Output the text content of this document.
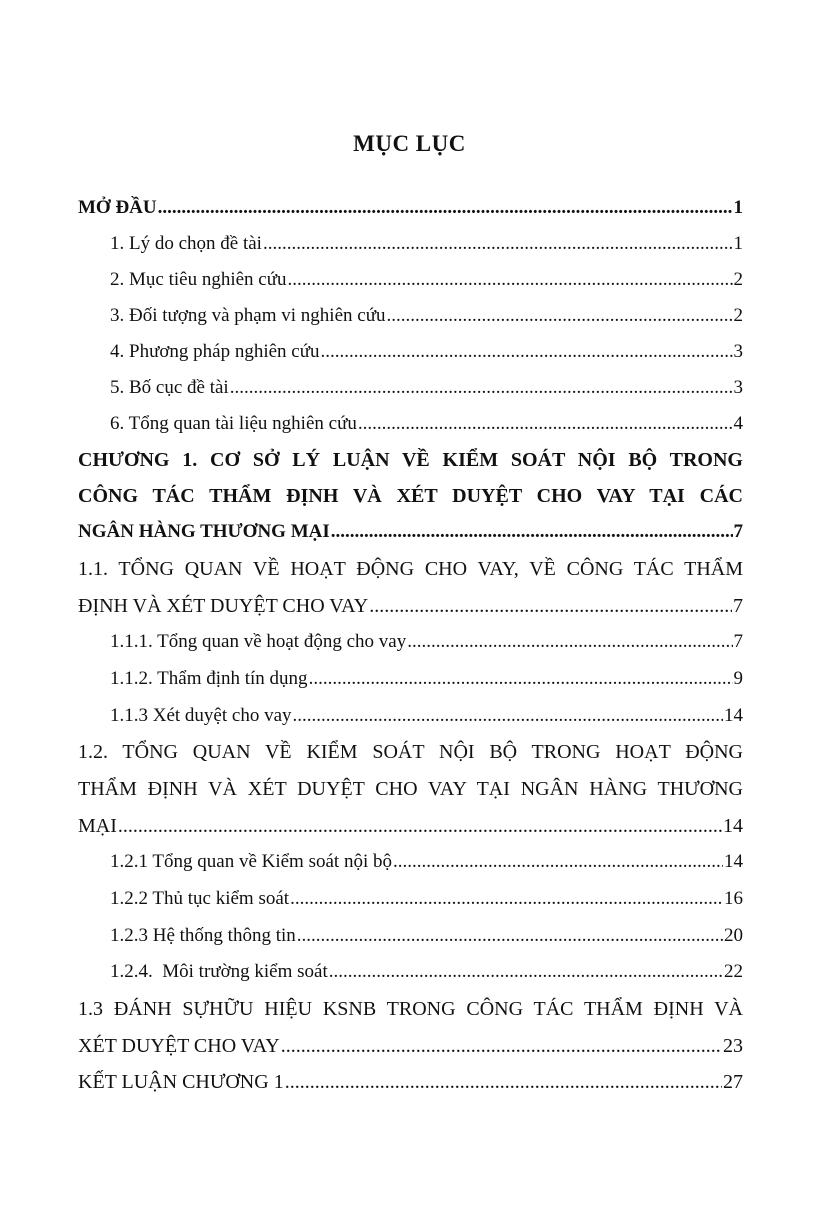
MỤC LỤC
MỞ ĐẦU .....	1
1. Lý do chọn đề tài .....	1
2. Mục tiêu nghiên cứu .....	2
3. Đối tượng và phạm vi nghiên cứu .....	2
4. Phương pháp nghiên cứu .....	3
5. Bố cục đề tài .....	3
6. Tổng quan tài liệu nghiên cứu .....	4
CHƯƠNG 1. CƠ SỞ LÝ LUẬN VỀ KIỂM SOÁT NỘI BỘ TRONG
CÔNG TÁC THẨM ĐỊNH VÀ XÉT DUYỆT CHO VAY TẠI CÁC
NGÂN HÀNG THƯƠNG MẠI .....	7
1.1. TỔNG QUAN VỀ HOẠT ĐỘNG CHO VAY, VỀ CÔNG TÁC THẨM
ĐỊNH VÀ XÉT DUYỆT CHO VAY .....	7
1.1.1. Tổng quan về hoạt động cho vay .....	7
1.1.2. Thẩm định tín dụng .....	9
1.1.3 Xét duyệt cho vay .....	14
1.2. TỔNG QUAN VỀ KIỂM SOÁT NỘI BỘ TRONG HOẠT ĐỘNG
THẨM ĐỊNH VÀ XÉT DUYỆT CHO VAY TẠI NGÂN HÀNG THƯƠNG
MẠI .....	14
1.2.1 Tổng quan về Kiểm soát nội bộ .....	14
1.2.2 Thủ tục kiểm soát .....	16
1.2.3 Hệ thống thông tin .....	20
1.2.4.  Môi trường kiểm soát .....	22
1.3 ĐÁNH SỰHỮU HIỆU KSNB TRONG CÔNG TÁC THẨM ĐỊNH VÀ
XÉT DUYỆT CHO VAY .....	23
KẾT LUẬN CHƯƠNG 1 .....	27
